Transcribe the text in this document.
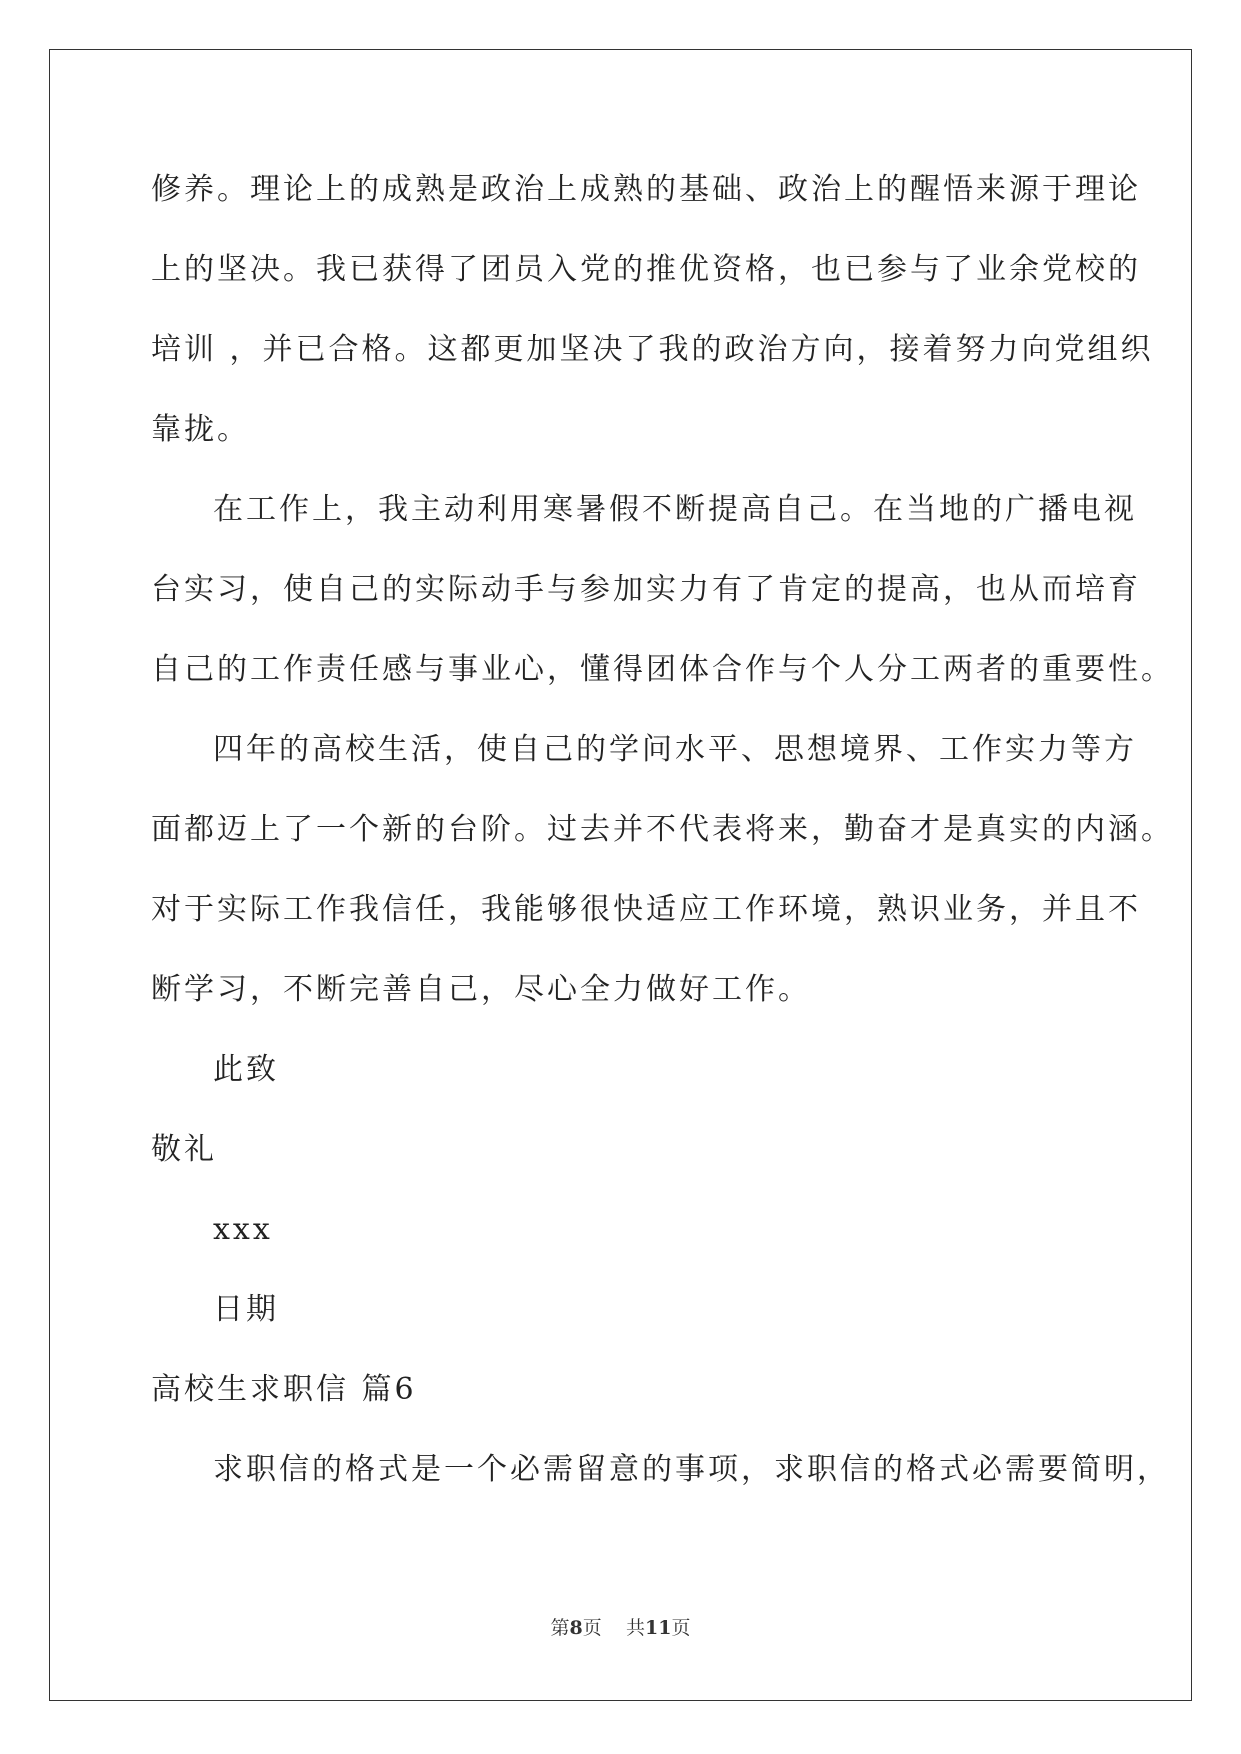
修养。理论上的成熟是政治上成熟的基础、政治上的醒悟来源于理论
上的坚决。我已获得了团员入党的推优资格，也已参与了业余党校的
培训 ，并已合格。这都更加坚决了我的政治方向，接着努力向党组织
靠拢。
在工作上，我主动利用寒暑假不断提高自己。在当地的广播电视
台实习，使自己的实际动手与参加实力有了肯定的提高，也从而培育
自己的工作责任感与事业心，懂得团体合作与个人分工两者的重要性。
四年的高校生活，使自己的学问水平、思想境界、工作实力等方
面都迈上了一个新的台阶。过去并不代表将来，勤奋才是真实的内涵。
对于实际工作我信任，我能够很快适应工作环境，熟识业务，并且不
断学习，不断完善自己，尽心全力做好工作。
此致
敬礼
xxx
日期
高校生求职信 篇6
求职信的格式是一个必需留意的事项，求职信的格式必需要简明，
第8页 共11页
